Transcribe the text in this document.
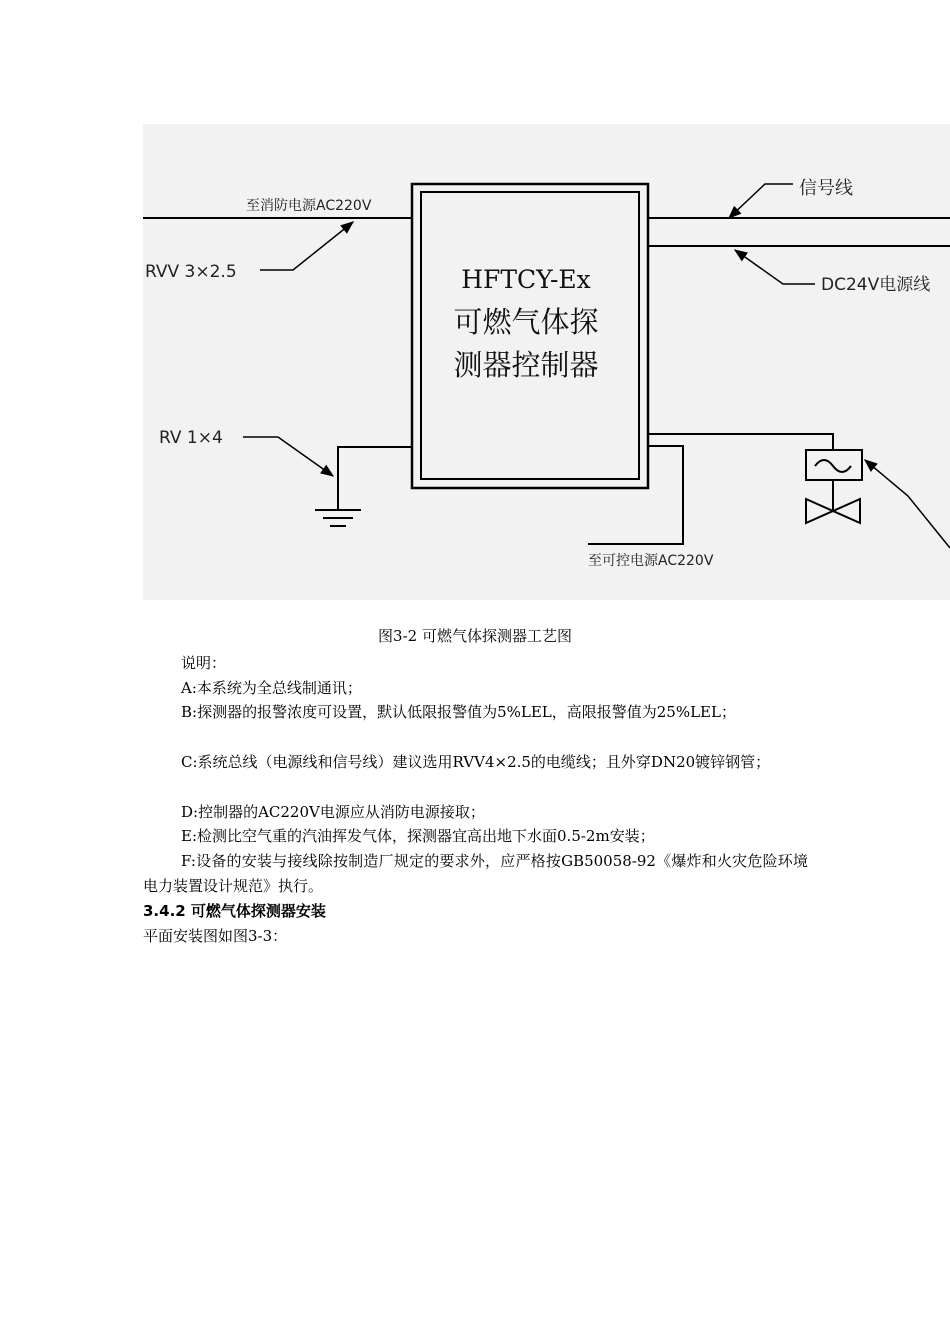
至消防电源AC220V
RVV 3×2.5
RV 1×4
信号线
DC24V电源线
至可控电源AC220V
HFTCY-Ex
可燃气体探
测器控制器
图3-2 可燃气体探测器工艺图
说明：
A:本系统为全总线制通讯；
B:探测器的报警浓度可设置，默认低限报警值为5%LEL，高限报警值为25%LEL；
C:系统总线（电源线和信号线）建议选用RVV4×2.5的电缆线；且外穿DN20镀锌钢管；
D:控制器的AC220V电源应从消防电源接取；
E:检测比空气重的汽油挥发气体，探测器宜高出地下水面0.5-2m安装；
F:设备的安装与接线除按制造厂规定的要求外，应严格按GB50058-92《爆炸和火灾危险环境电力装置设计规范》执行。
3.4.2 可燃气体探测器安装
平面安装图如图3-3：
